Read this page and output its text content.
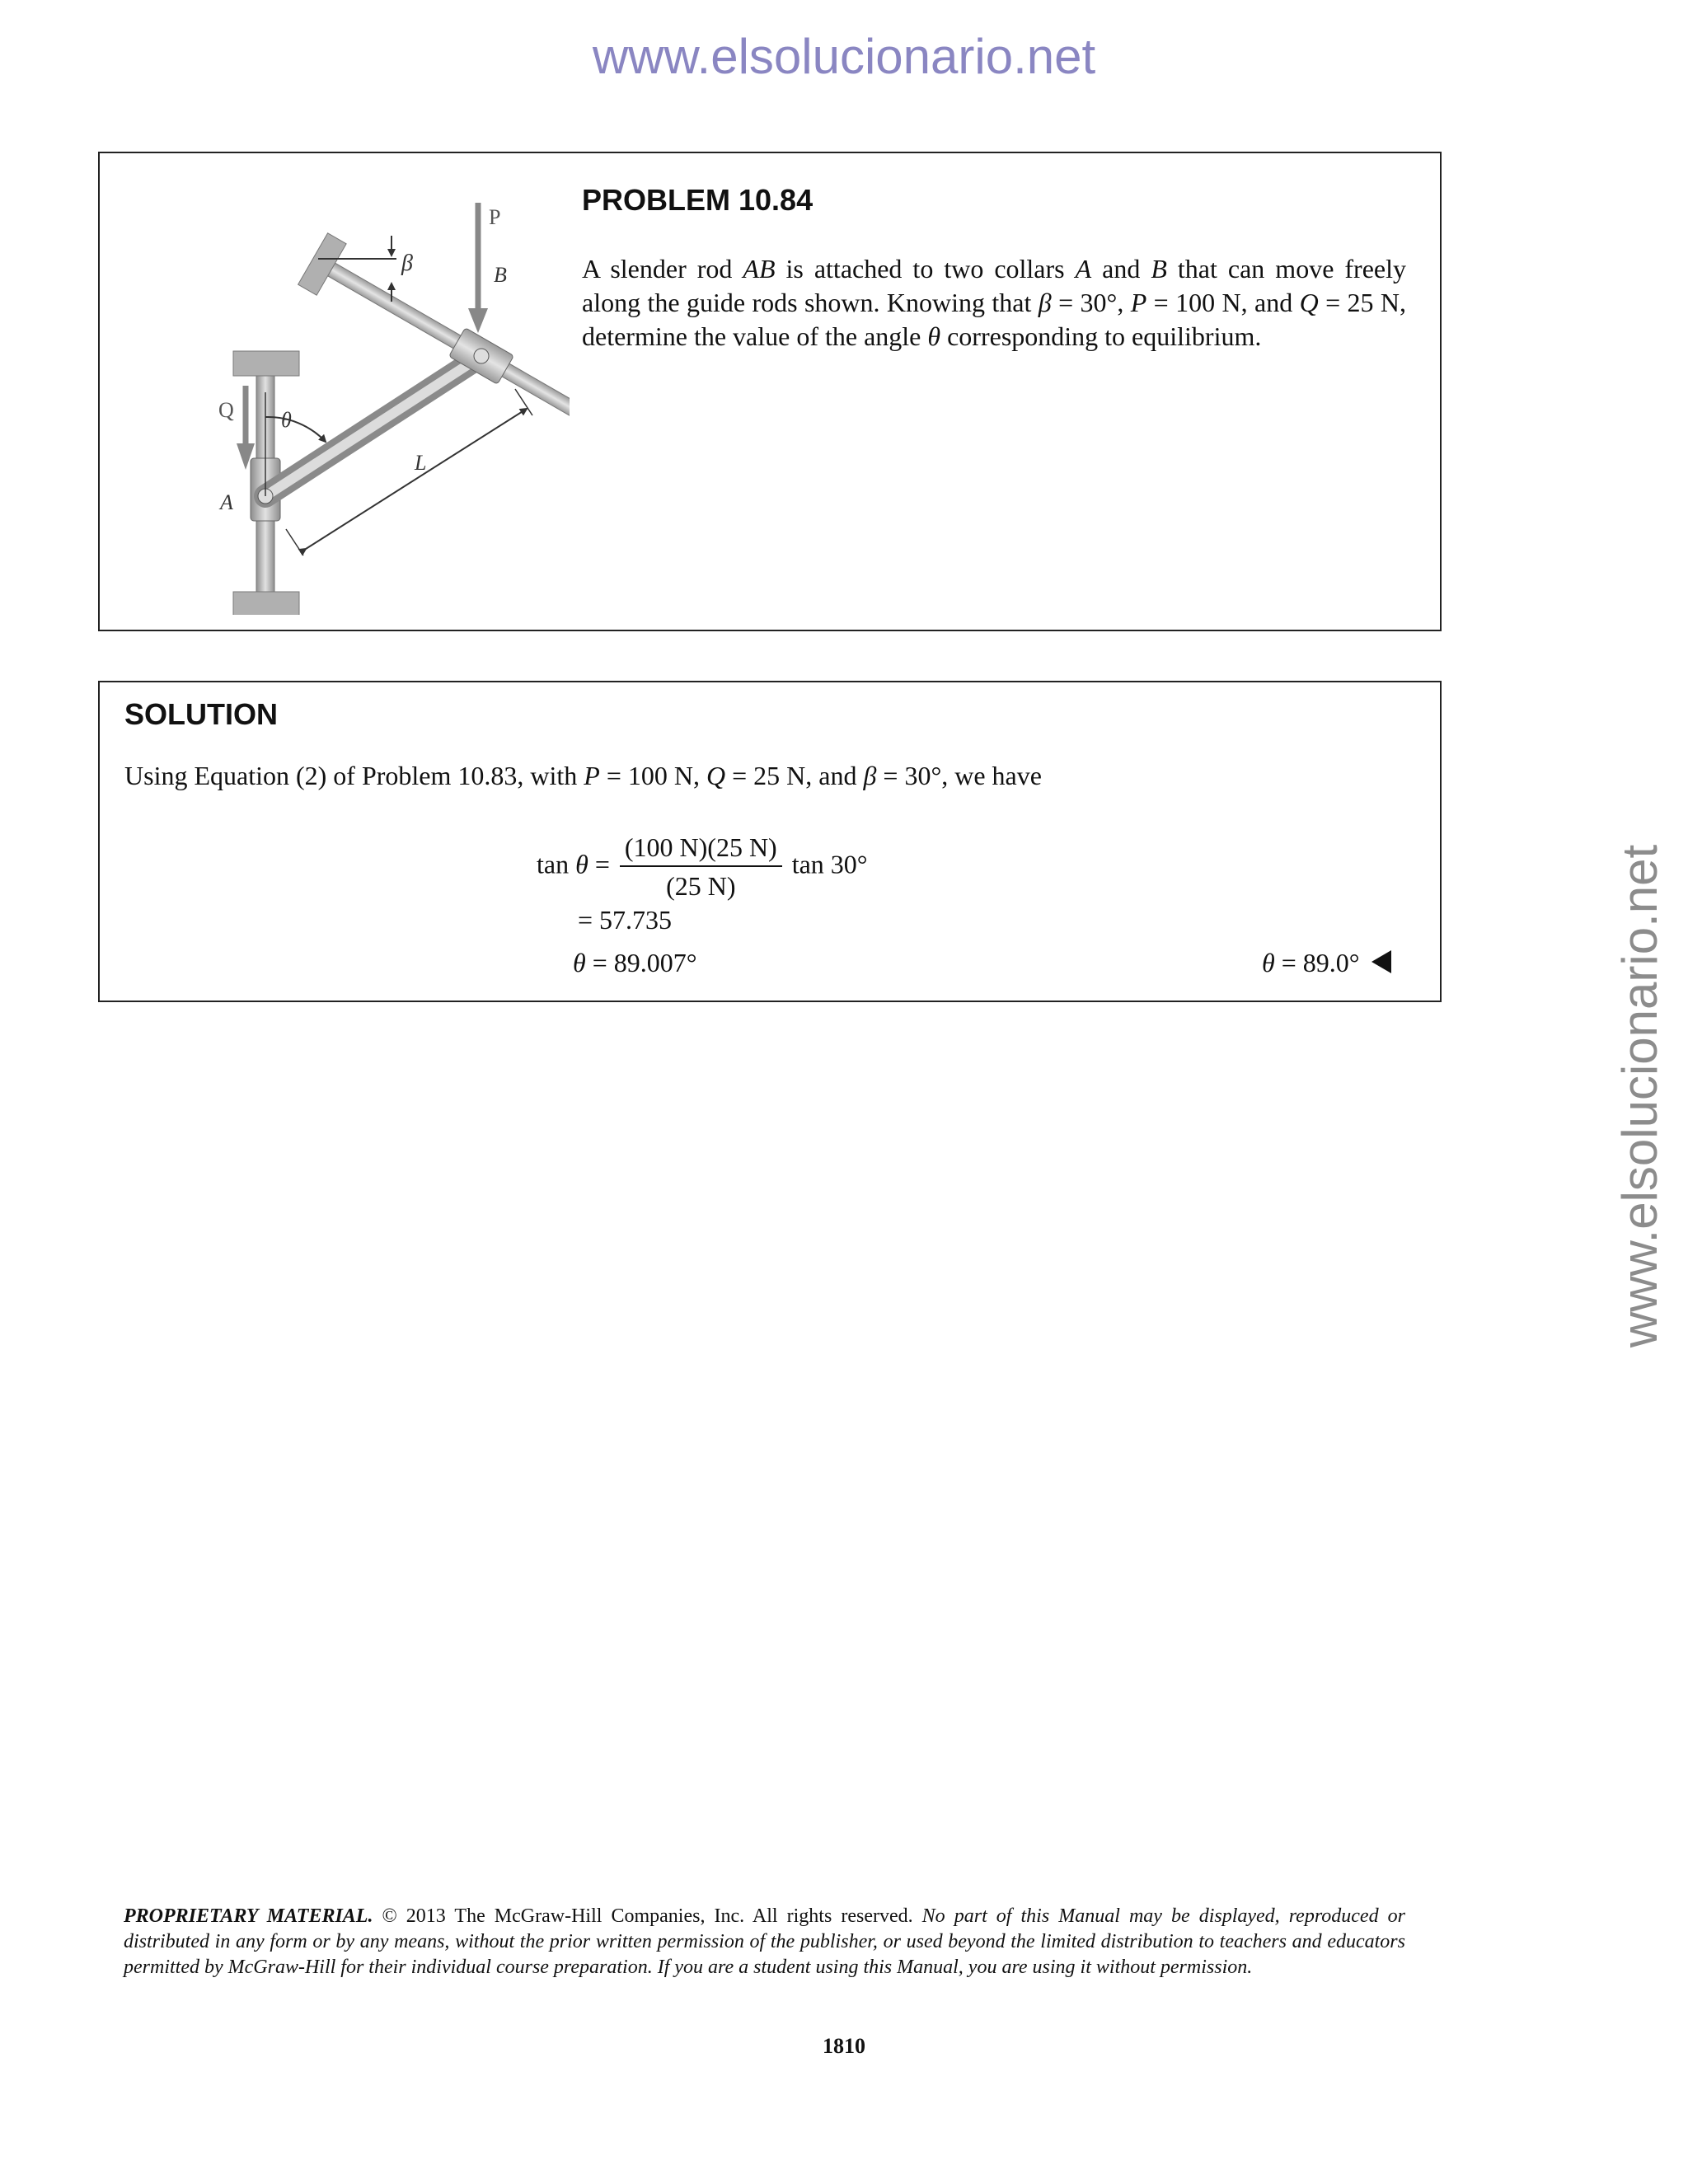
www.elsolucionario.net
www.elsolucionario.net
P
B
β
Q θ
A
L
PROBLEM 10.84

A slender rod AB is attached to two collars A and B that can move freely along the guide rods shown. Knowing that β = 30°, P = 100 N, and Q = 25 N, determine the value of the angle θ corresponding to equilibrium.

SOLUTION

Using Equation (2) of Problem 10.83, with P = 100 N, Q = 25 N, and β = 30°, we have

$\tan \theta = \frac{(100 N)(25 N)}{(25 N)}$ tan 30°
= 57.735
θ = 89.007°	θ = 89.0°

PROPRIETARY MATERIAL. © 2013 The McGraw-Hill Companies, Inc. All rights reserved. No part of this Manual may be displayed, reproduced or distributed in any form or by any means, without the prior written permission of the publisher, or used beyond the limited distribution to teachers and educators permitted by McGraw-Hill for their individual course preparation. If you are a student using this Manual, you are using it without permission.

1810
